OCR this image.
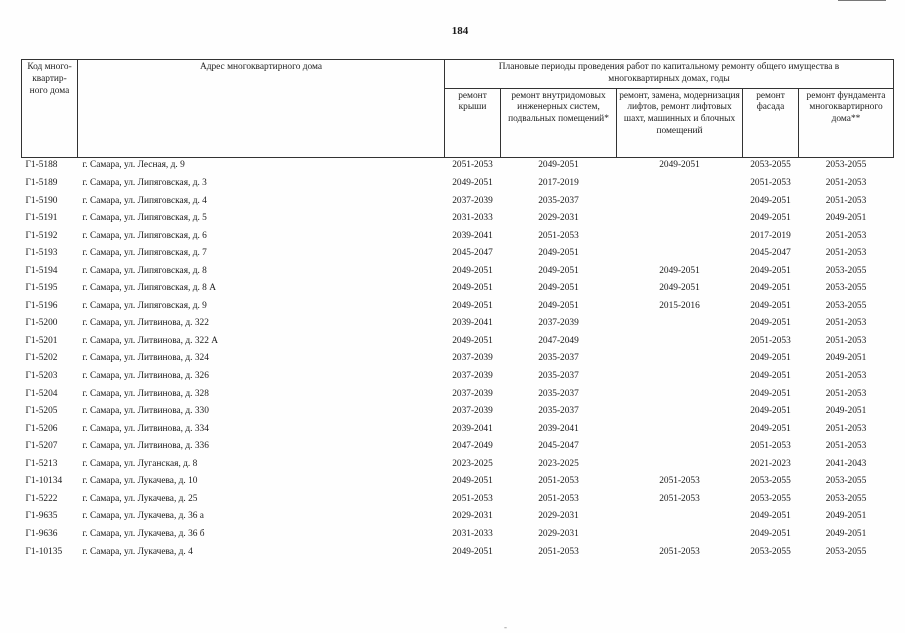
184
Код много-квартир-ного дома	Адрес многоквартирного дома	Плановые периоды проведения работ по капитальному ремонту общего имущества в многоквартирных домах, годы				
		ремонт крыши	ремонт внутридомовых инженерных систем, подвальных помещений*	ремонт, замена, модернизация лифтов, ремонт лифтовых шахт, машинных и блочных помещений	ремонт фасада	ремонт фундамента многоквартирного дома**
Г1-5188	г. Самара, ул. Лесная, д. 9	2051-2053	2049-2051	2049-2051	2053-2055	2053-2055
Г1-5189	г. Самара, ул. Липяговская, д. 3	2049-2051	2017-2019		2051-2053	2051-2053
Г1-5190	г. Самара, ул. Липяговская, д. 4	2037-2039	2035-2037		2049-2051	2051-2053
Г1-5191	г. Самара, ул. Липяговская, д. 5	2031-2033	2029-2031		2049-2051	2049-2051
Г1-5192	г. Самара, ул. Липяговская, д. 6	2039-2041	2051-2053		2017-2019	2051-2053
Г1-5193	г. Самара, ул. Липяговская, д. 7	2045-2047	2049-2051		2045-2047	2051-2053
Г1-5194	г. Самара, ул. Липяговская, д. 8	2049-2051	2049-2051	2049-2051	2049-2051	2053-2055
Г1-5195	г. Самара, ул. Липяговская, д. 8 А	2049-2051	2049-2051	2049-2051	2049-2051	2053-2055
Г1-5196	г. Самара, ул. Липяговская, д. 9	2049-2051	2049-2051	2015-2016	2049-2051	2053-2055
Г1-5200	г. Самара, ул. Литвинова, д. 322	2039-2041	2037-2039		2049-2051	2051-2053
Г1-5201	г. Самара, ул. Литвинова, д. 322 А	2049-2051	2047-2049		2051-2053	2051-2053
Г1-5202	г. Самара, ул. Литвинова, д. 324	2037-2039	2035-2037		2049-2051	2049-2051
Г1-5203	г. Самара, ул. Литвинова, д. 326	2037-2039	2035-2037		2049-2051	2051-2053
Г1-5204	г. Самара, ул. Литвинова, д. 328	2037-2039	2035-2037		2049-2051	2051-2053
Г1-5205	г. Самара, ул. Литвинова, д. 330	2037-2039	2035-2037		2049-2051	2049-2051
Г1-5206	г. Самара, ул. Литвинова, д. 334	2039-2041	2039-2041		2049-2051	2051-2053
Г1-5207	г. Самара, ул. Литвинова, д. 336	2047-2049	2045-2047		2051-2053	2051-2053
Г1-5213	г. Самара, ул. Луганская, д. 8	2023-2025	2023-2025		2021-2023	2041-2043
Г1-10134	г. Самара, ул. Лукачева, д. 10	2049-2051	2051-2053	2051-2053	2053-2055	2053-2055
Г1-5222	г. Самара, ул. Лукачева, д. 25	2051-2053	2051-2053	2051-2053	2053-2055	2053-2055
Г1-9635	г. Самара, ул. Лукачева, д. 36 а	2029-2031	2029-2031		2049-2051	2049-2051
Г1-9636	г. Самара, ул. Лукачева, д. 36 б	2031-2033	2029-2031		2049-2051	2049-2051
Г1-10135	г. Самара, ул. Лукачева, д. 4	2049-2051	2051-2053	2051-2053	2053-2055	2053-2055
-
